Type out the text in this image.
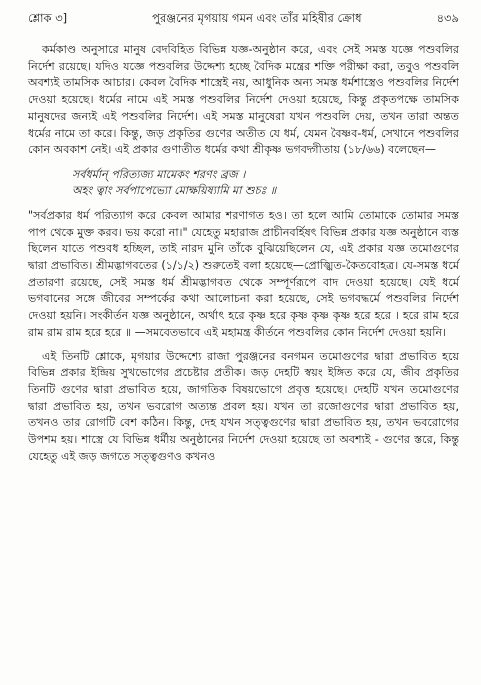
শ্লোক ৩]	পুরঞ্জনের মৃগয়ায় গমন এবং তাঁর মহিষীর ক্রোধ	৪৩৯

কর্মকাণ্ড অনুসারে মানুষ বেদবিহিত বিভিন্ন যজ্ঞ-অনুষ্ঠান করে, এবং সেই সমস্ত যজ্ঞে পশুবলির নির্দেশ রয়েছে। যদিও যজ্ঞে পশুবলির উদ্দেশ্য হচ্ছে বৈদিক মন্ত্রের শক্তি পরীক্ষা করা, তবুও পশুবলি অবশ্যই তামসিক আচার। কেবল বৈদিক শাস্ত্রেই নয়, আধুনিক অন্য সমস্ত ধর্মশাস্ত্রেও পশুবলির নির্দেশ দেওয়া হয়েছে। ধর্মের নামে এই সমস্ত পশুবলির নির্দেশ দেওয়া হয়েছে, কিন্তু প্রকৃতপক্ষে তামসিক মানুষদের জন্যই এই পশুবলির নির্দেশ। এই সমস্ত মানুষেরা যখন পশুবলি দেয়, তখন তারা অন্তত ধর্মের নামে তা করে। কিন্তু, জড় প্রকৃতির গুণের অতীত যে ধর্ম, যেমন বৈষ্ণব-ধর্ম, সেখানে পশুবলির কোন অবকাশ নেই। এই প্রকার গুণাতীত ধর্মের কথা শ্রীকৃষ্ণ ভগবদ্গীতায় (১৮/৬৬) বলেছেন—

সর্বধর্মান্ পরিত্যজ্য মামেকং শরণং ব্রজ ।
অহং ত্বাং সর্বপাপেভ্যো মোক্ষয়িষ্যামি মা শুচঃ ॥

"সর্বপ্রকার ধর্ম পরিত্যাগ করে কেবল আমার শরণাগত হও। তা হলে আমি তোমাকে তোমার সমস্ত পাপ থেকে মুক্ত করব। ভয় করো না।" যেহেতু মহারাজ প্রাচীনবর্হিষৎ বিভিন্ন প্রকার যজ্ঞ অনুষ্ঠানে ব্যস্ত ছিলেন যাতে পশুবধ হচ্ছিল, তাই নারদ মুনি তাঁকে বুঝিয়েছিলেন যে, এই প্রকার যজ্ঞ তমোগুণের দ্বারা প্রভাবিত। শ্রীমদ্ভাগবতের (১/১/২) শুরুতেই বলা হয়েছে—প্রোজ্ঝিত-কৈতবোহত্র। যে-সমস্ত ধর্মে প্রতারণা রয়েছে, সেই সমস্ত ধর্ম শ্রীমদ্ভাগবত থেকে সম্পূর্ণরূপে বাদ দেওয়া হয়েছে। যেই ধর্মে ভগবানের সঙ্গে জীবের সম্পর্কের কথা আলোচনা করা হয়েছে, সেই ভগবদ্ধর্মে পশুবলির নির্দেশ দেওয়া হয়নি। সংকীর্তন যজ্ঞ অনুষ্ঠানে, অর্থাৎ হরে কৃষ্ণ হরে কৃষ্ণ কৃষ্ণ কৃষ্ণ হরে হরে । হরে রাম হরে রাম রাম রাম হরে হরে ॥ —সমবেতভাবে এই মহামন্ত্র কীর্তনে পশুবলির কোন নির্দেশ দেওয়া হয়নি।

এই তিনটি শ্লোকে, মৃগয়ার উদ্দেশ্যে রাজা পুরঞ্জনের বনগমন তমোগুণের দ্বারা প্রভাবিত হয়ে বিভিন্ন প্রকার ইন্দ্রিয় সুখভোগের প্রচেষ্টার প্রতীক। জড় দেহটি স্বয়ং ইঙ্গিত করে যে, জীব প্রকৃতির তিনটি গুণের দ্বারা প্রভাবিত হয়ে, জাগতিক বিষয়ভোগে প্রবৃত্ত হয়েছে। দেহটি যখন তমোগুণের দ্বারা প্রভাবিত হয়, তখন ভবরোগ অত্যন্ত প্রবল হয়। যখন তা রজোগুণের দ্বারা প্রভাবিত হয়, তখনও তার রোগটি বেশ কঠিন। কিন্তু, দেহ যখন সত্ত্বগুণের দ্বারা প্রভাবিত হয়, তখন ভবরোগের উপশম হয়। শাস্ত্রে যে বিভিন্ন ধর্মীয় অনুষ্ঠানের নির্দেশ দেওয়া হয়েছে তা অবশ্যই - গুণের স্তরে, কিন্তু যেহেতু এই জড় জগতে সত্ত্বগুণও কখনও
